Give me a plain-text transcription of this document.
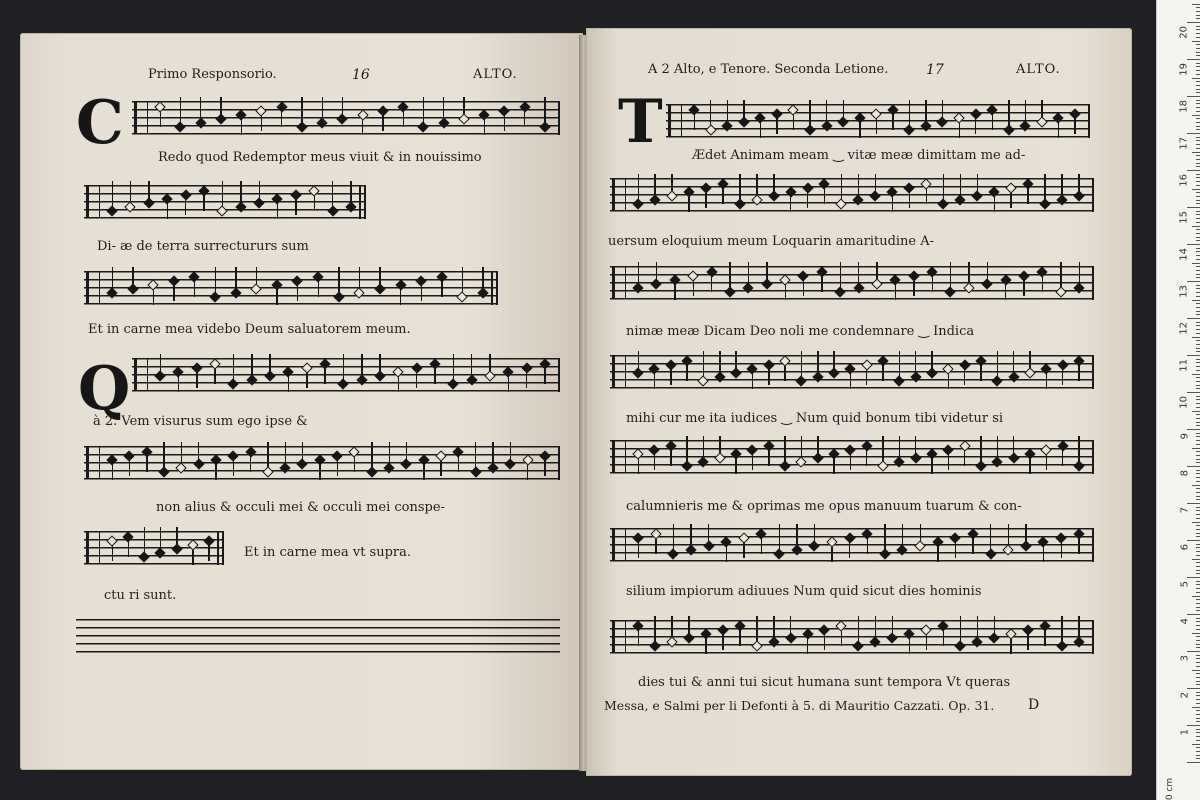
Primo Responsorio.	16	ALTO.
C	Redo quod Redemptor meus viuit & in nouissimo
Di- æ de terra surrectururs sum
Et in carne mea videbo Deum saluatorem meum.
Q
à 2. Vem visurus sum ego ipse &
non alius & occuli mei & occuli mei conspe-
Et in carne mea vt supra.
ctu ri sunt.
A 2 Alto, e Tenore. Seconda Letione.	17	ALTO.
T Ædet Animam meam ‿ vitæ meæ dimittam me ad-
uersum eloquium meum Loquarin amaritudine A-
nimæ meæ Dicam Deo noli me condemnare ‿ Indica
mihi cur me ita iudices ‿ Num quid bonum tibi videtur si
calumnieris me & oprimas me opus manuum tuarum & con-
silium impiorum adiuues Num quid sicut dies hominis
dies tui & anni tui sicut humana sunt tempora Vt queras
Messa, e Salmi per li Defonti à 5. di Mauritio Cazzati. Op. 31. D
0 cm
1
2
3
4
5
6
7
8
9
10
11
12
13
14
15
16
17
18
19
20
